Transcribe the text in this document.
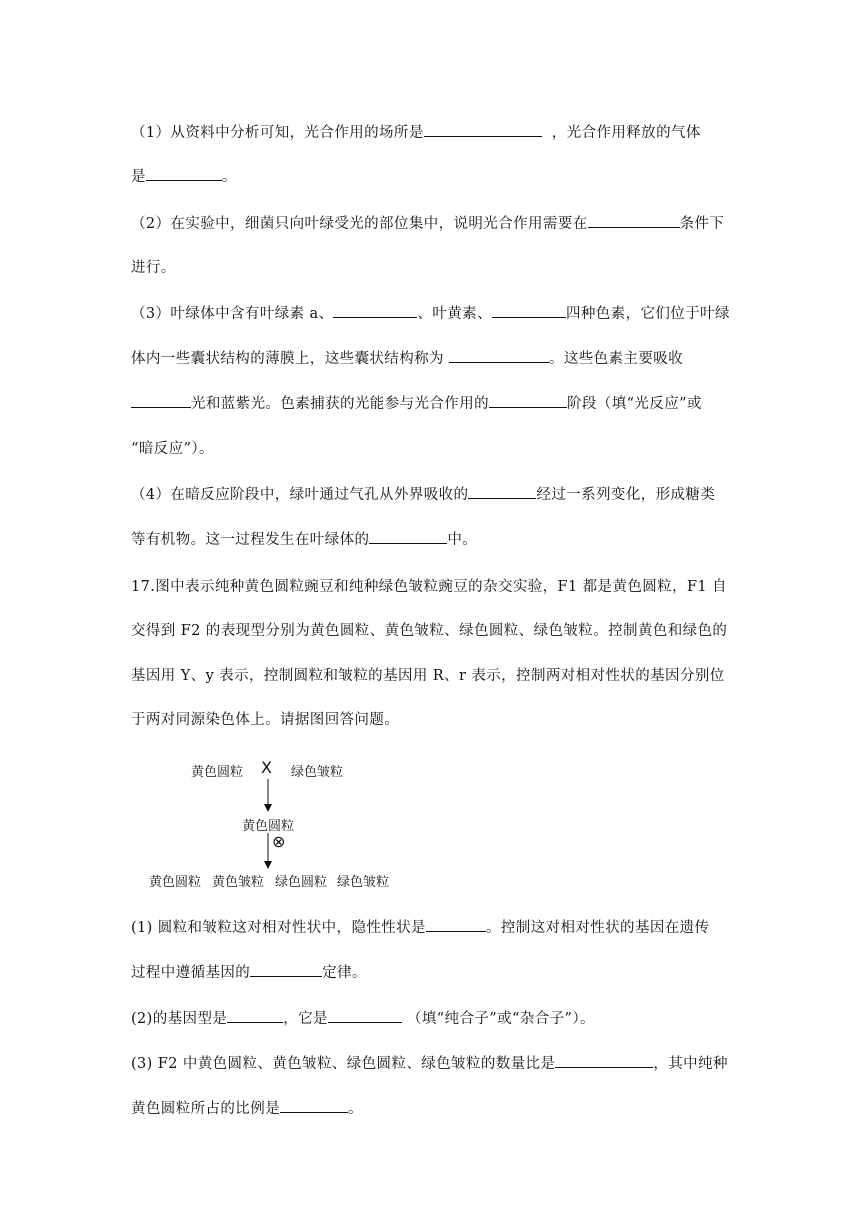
（1）从资料中分析可知，光合作用的场所是	，光合作用释放的气体
是	。
（2）在实验中，细菌只向叶绿受光的部位集中，说明光合作用需要在	条件下
进行。
（3）叶绿体中含有叶绿素 a、	、叶黄素、	四种色素，它们位于叶绿
体内一些囊状结构的薄膜上，这些囊状结构称为	。这些色素主要吸收
光和蓝紫光。色素捕获的光能参与光合作用的	阶段（填“光反应”或
“暗反应”）。
（4）在暗反应阶段中，绿叶通过气孔从外界吸收的	经过一系列变化，形成糖类
等有机物。这一过程发生在叶绿体的	中。
17.图中表示纯种黄色圆粒豌豆和纯种绿色皱粒豌豆的杂交实验，F1 都是黄色圆粒，F1 自
交得到 F2 的表现型分别为黄色圆粒、黄色皱粒、绿色圆粒、绿色皱粒。控制黄色和绿色的
基因用 Y、y 表示，控制圆粒和皱粒的基因用 R、r 表示，控制两对相对性状的基因分别位
于两对同源染色体上。请据图回答问题。
黄色圆粒 X 绿色皱粒
黄色圆粒
⊗
黄色圆粒 黄色皱粒 绿色圆粒 绿色皱粒
(1) 圆粒和皱粒这对相对性状中，隐性性状是	。控制这对相对性状的基因在遗传
过程中遵循基因的	定律。
(2)的基因型是	，它是	（填“纯合子”或“杂合子”）。
(3) F2 中黄色圆粒、黄色皱粒、绿色圆粒、绿色皱粒的数量比是	，其中纯种
黄色圆粒所占的比例是	。
